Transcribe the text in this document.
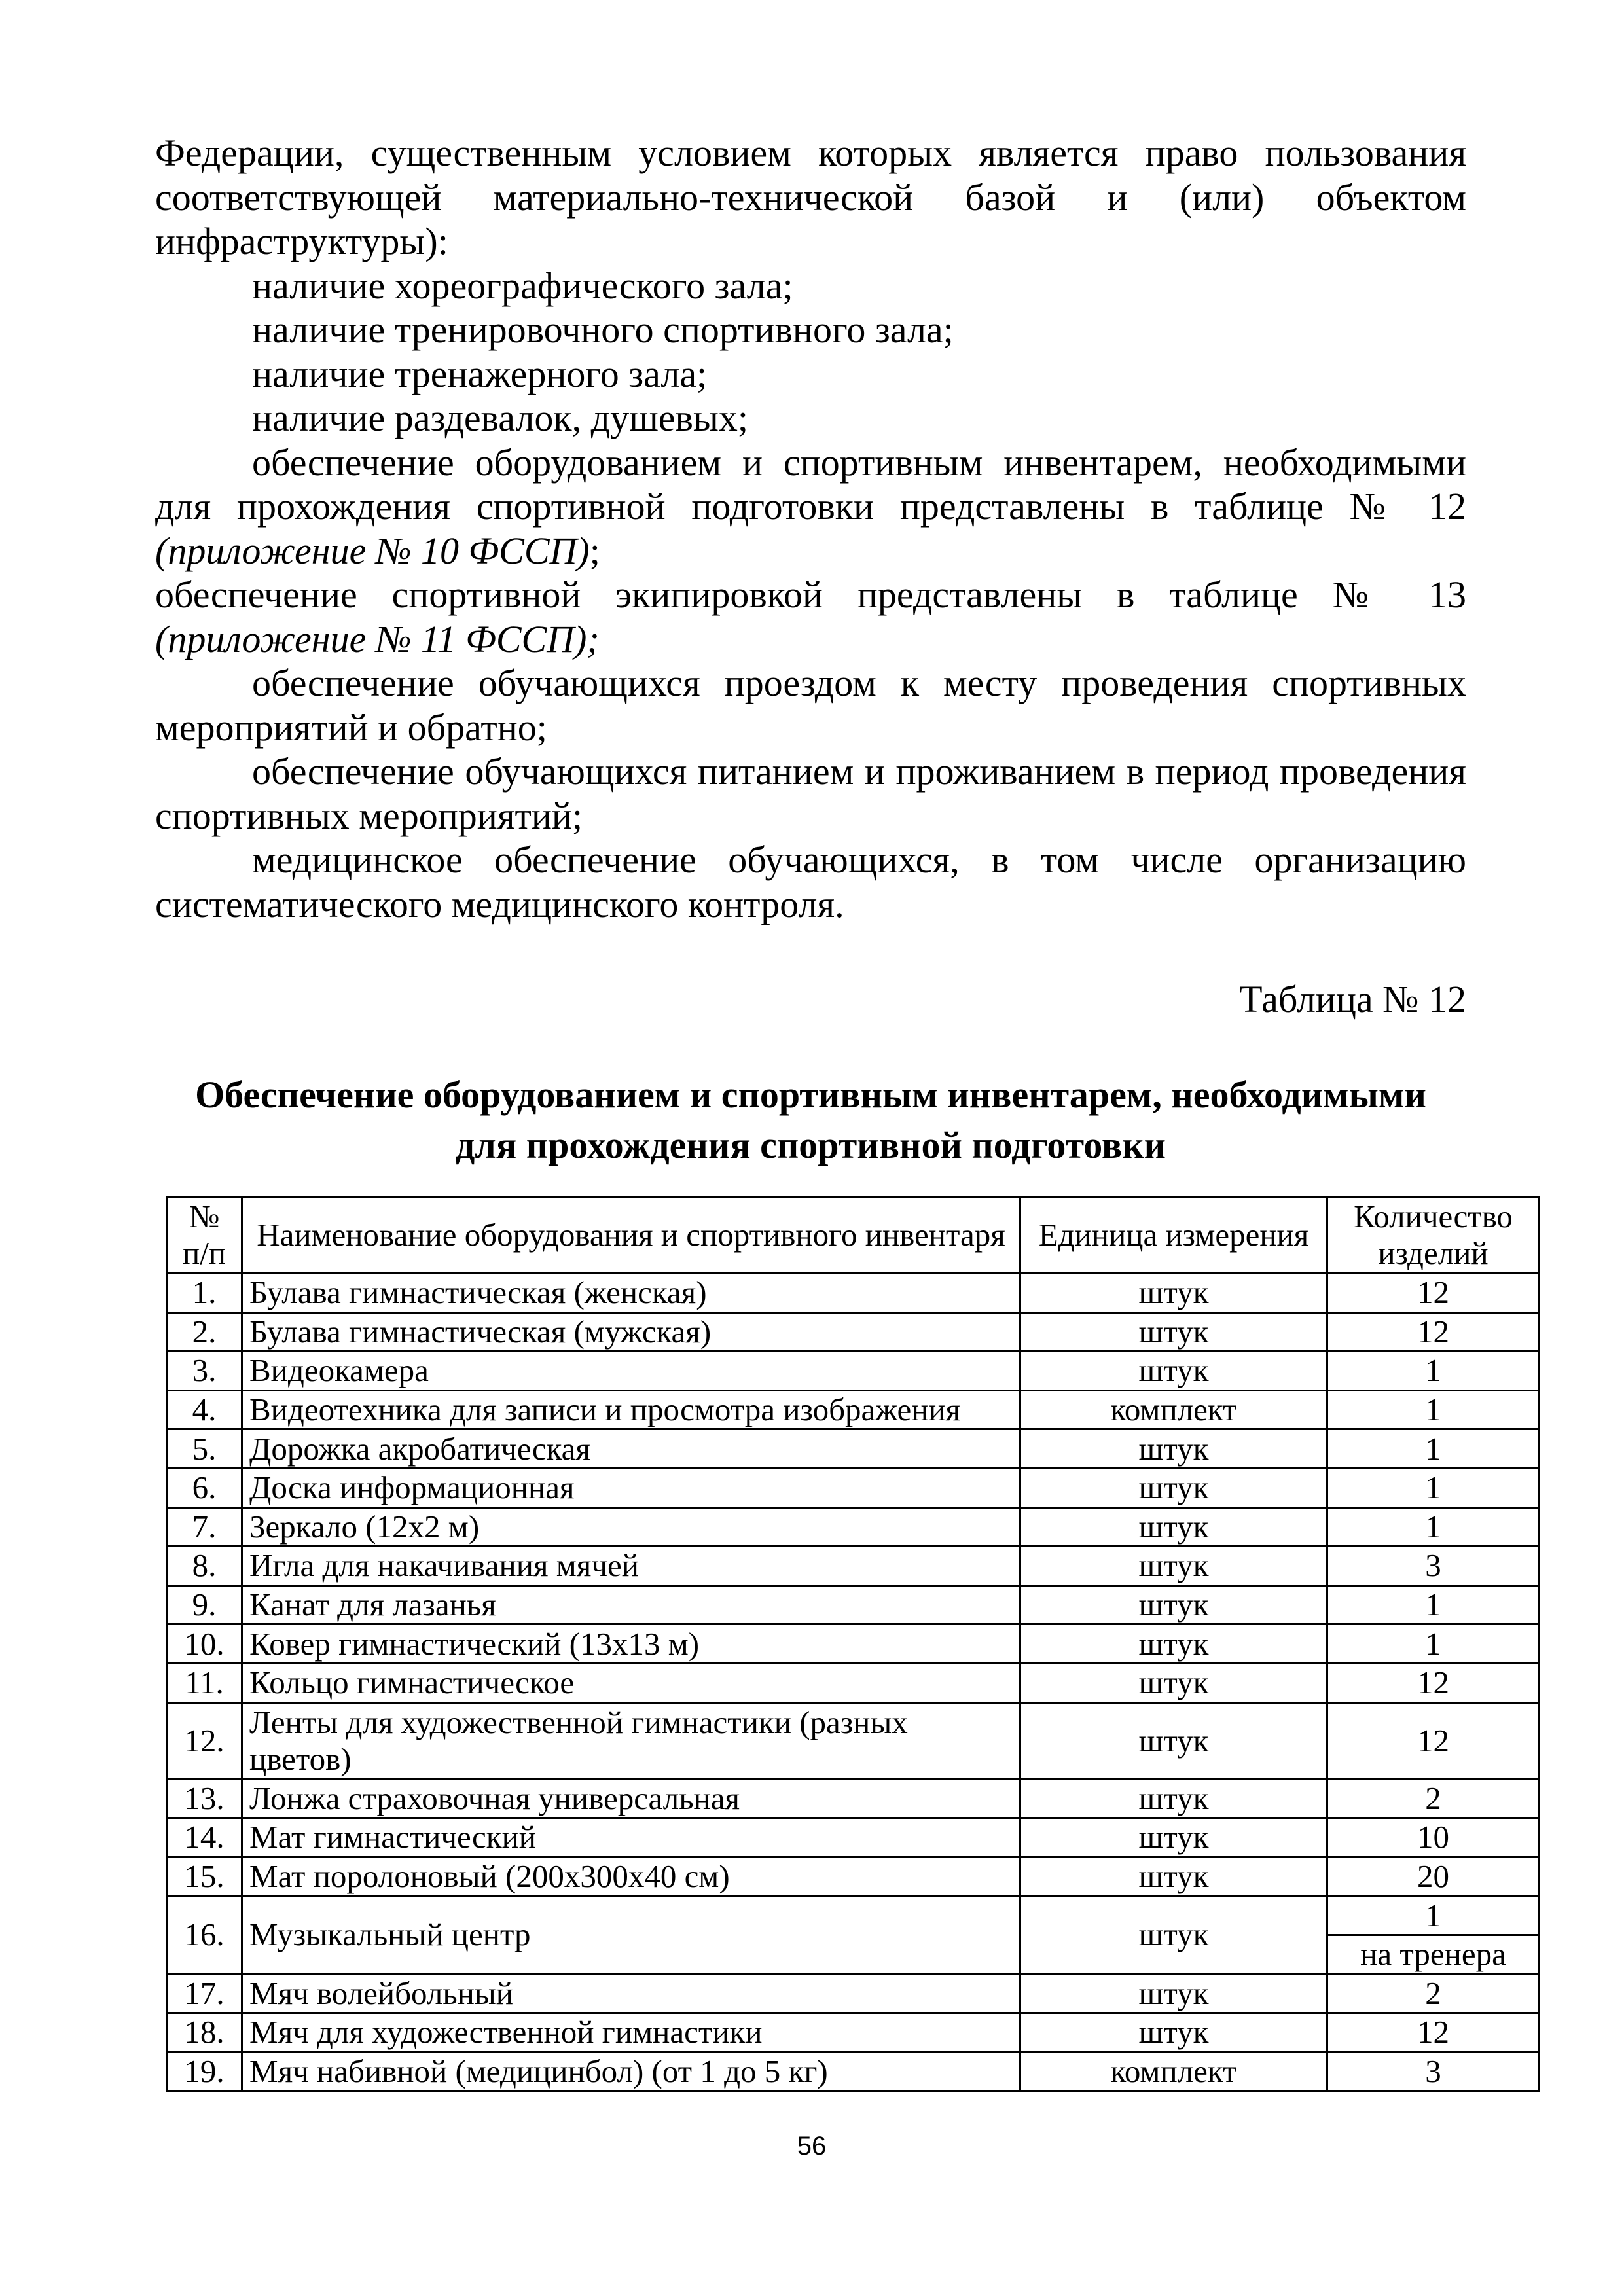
Федерации, существенным условием которых является право пользования соответствующей материально-технической базой и (или) объектом инфраструктуры):

наличие хореографического зала;

наличие тренировочного спортивного зала;

наличие тренажерного зала;

наличие раздевалок, душевых;

обеспечение оборудованием и спортивным инвентарем, необходимыми для прохождения спортивной подготовки представлены в таблице № 12 (приложение № 10 ФССП);

обеспечение спортивной экипировкой представлены в таблице № 13 (приложение № 11 ФССП);

обеспечение обучающихся проездом к месту проведения спортивных мероприятий и обратно;

обеспечение обучающихся питанием и проживанием в период проведения спортивных мероприятий;

медицинское обеспечение обучающихся, в том числе организацию систематического медицинского контроля.

Таблица № 12
Обеспечение оборудованием и спортивным инвентарем, необходимыми
для прохождения спортивной подготовки
№ п/п	Наименование оборудования и спортивного инвентаря	Единица измерения	Количество изделий
1.	Булава гимнастическая (женская)	штук	12
2.	Булава гимнастическая (мужская)	штук	12
3.	Видеокамера	штук	1
4.	Видеотехника для записи и просмотра изображения	комплект	1
5.	Дорожка акробатическая	штук	1
6.	Доска информационная	штук	1
7.	Зеркало (12х2 м)	штук	1
8.	Игла для накачивания мячей	штук	3
9.	Канат для лазанья	штук	1
10.	Ковер гимнастический (13х13 м)	штук	1
11.	Кольцо гимнастическое	штук	12
12.	Ленты для художественной гимнастики (разных цветов)	штук	12
13.	Лонжа страховочная универсальная	штук	2
14.	Мат гимнастический	штук	10
15.	Мат поролоновый (200х300х40 см)	штук	20
16.	Музыкальный центр	штук	1
			на тренера
17.	Мяч волейбольный	штук	2
18.	Мяч для художественной гимнастики	штук	12
19.	Мяч набивной (медицинбол) (от 1 до 5 кг)	комплект	3
56
